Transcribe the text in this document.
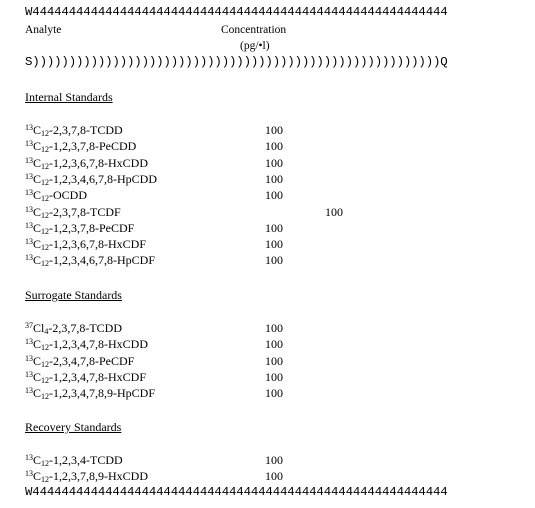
W444444444444444444444444444444444444444444444444444444444
Analyte	Concentration
(pg/•l)
S))))))))))))))))))))))))))))))))))))))))))))))))))))))))Q
Internal Standards
$^{13}C_{12}-2,3,7,8$-TCDD	100
$^{13}C_{12}-1,2,3,7,8$-PeCDD	100
$^{13}C_{12}-1,2,3,6,7,8$-HxCDD	100
$^{13}C_{12}-1,2,3,4,6,7,8$-HpCDD	100
$^{13}C_{12}$-OCDD	100
$^{13}C_{12}-2,3,7,8$-TCDF	100
$^{13}C_{12}-1,2,3,7,8$-PeCDF	100
$^{13}C_{12}-1,2,3,6,7,8$-HxCDF	100
$^{13}C_{12}-1,2,3,4,6,7,8$-HpCDF	100
Surrogate Standards
$^{37}Cl_4-2,3,7,8$-TCDD	100
$^{13}C_{12}-1,2,3,4,7,8$-HxCDD	100
$^{13}C_{12}-2,3,4,7,8$-PeCDF	100
$^{13}C_{12}-1,2,3,4,7,8$-HxCDF	100
$^{13}C_{12}-1,2,3,4,7,8,9$-HpCDF	100
Recovery Standards
$^{13}C_{12}-1,2,3,4$-TCDD	100
$^{13}C_{12}-1,2,3,7,8,9$-HxCDD	100
W444444444444444444444444444444444444444444444444444444444
